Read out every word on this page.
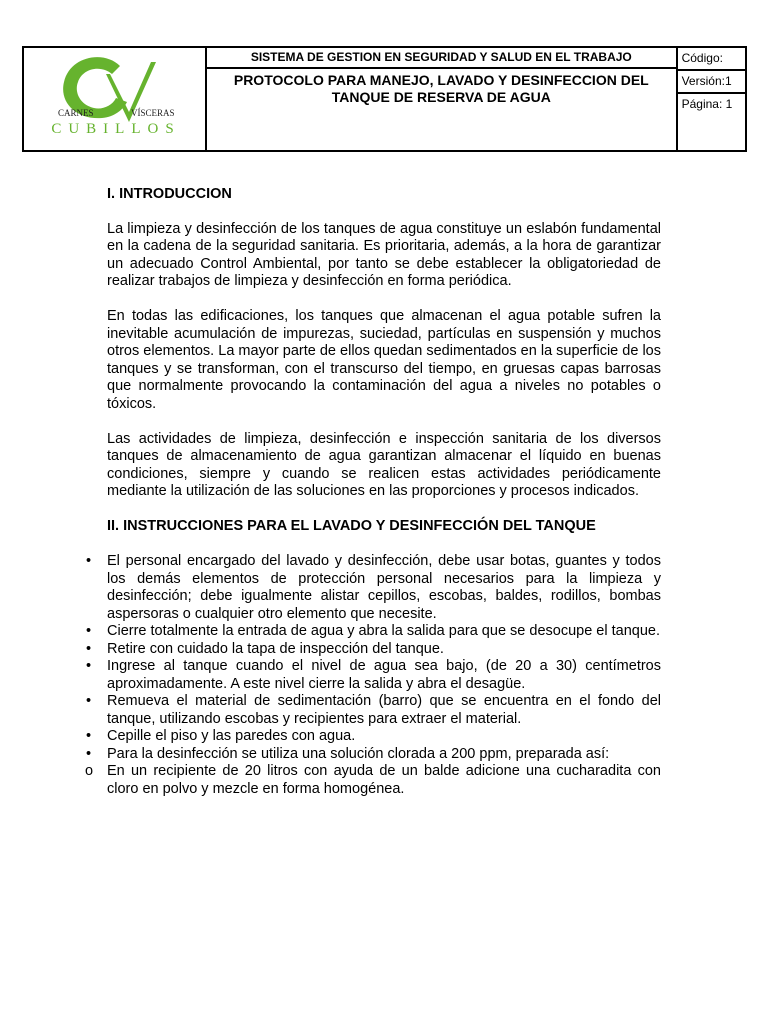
CARNES	VÍSCERAS
CUBILLOS

SISTEMA DE GESTION EN SEGURIDAD Y SALUD EN EL TRABAJO
PROTOCOLO PARA MANEJO, LAVADO Y DESINFECCION DEL TANQUE DE RESERVA DE AGUA

Código:
Versión:1
Página: 1
I. INTRODUCCION

La limpieza y desinfección de los tanques de agua constituye un eslabón fundamental en la cadena de la seguridad sanitaria. Es prioritaria, además, a la hora de garantizar un adecuado Control Ambiental, por tanto se debe establecer la obligatoriedad de realizar trabajos de limpieza y desinfección en forma periódica.

En todas las edificaciones, los tanques que almacenan el agua potable sufren la inevitable acumulación de impurezas, suciedad, partículas en suspensión y muchos otros elementos. La mayor parte de ellos quedan sedimentados en la superficie de los tanques y se transforman, con el transcurso del tiempo, en gruesas capas barrosas que normalmente provocando la contaminación del agua a niveles no potables o tóxicos.

Las actividades de limpieza, desinfección e inspección sanitaria de los diversos tanques de almacenamiento de agua garantizan almacenar el líquido en buenas condiciones, siempre y cuando se realicen estas actividades periódicamente mediante la utilización de las soluciones en las proporciones y procesos indicados.

II. INSTRUCCIONES PARA EL LAVADO Y DESINFECCIÓN DEL TANQUE
• El personal encargado del lavado y desinfección, debe usar botas, guantes y todos los demás elementos de protección personal necesarios para la limpieza y desinfección; debe igualmente alistar cepillos, escobas, baldes, rodillos, bombas aspersoras o cualquier otro elemento que necesite.
• Cierre totalmente la entrada de agua y abra la salida para que se desocupe el tanque.
• Retire con cuidado la tapa de inspección del tanque.
• Ingrese al tanque cuando el nivel de agua sea bajo, (de 20 a 30) centímetros aproximadamente. A este nivel cierre la salida y abra el desagüe.
• Remueva el material de sedimentación (barro) que se encuentra en el fondo del tanque, utilizando escobas y recipientes para extraer el material.
• Cepille el piso y las paredes con agua.
• Para la desinfección se utiliza una solución clorada a 200 ppm, preparada así:
o En un recipiente de 20 litros con ayuda de un balde adicione una cucharadita con cloro en polvo y mezcle en forma homogénea.
